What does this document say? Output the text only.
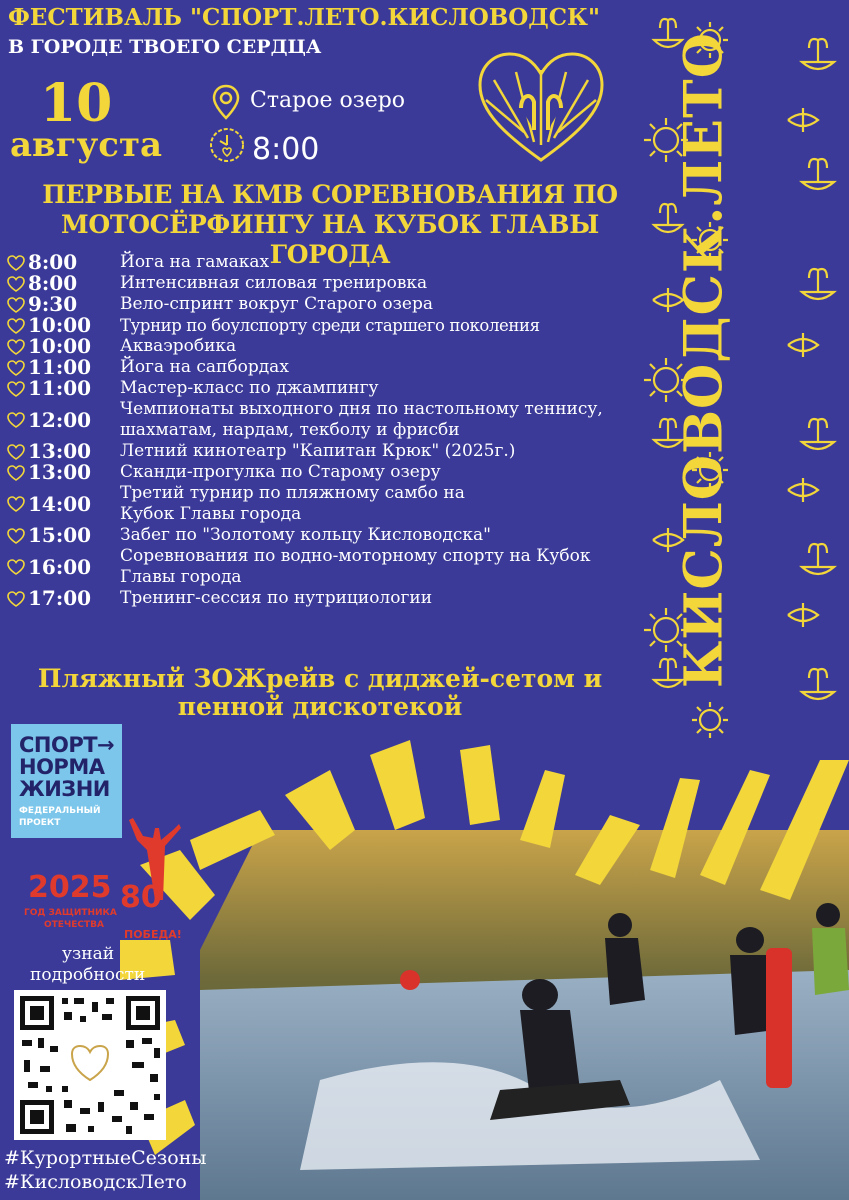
ФЕСТИВАЛЬ "СПОРТ.ЛЕТО.КИСЛОВОДСК"
В ГОРОДЕ ТВОЕГО СЕРДЦА
10
августа
Старое озеро
8:00
ПЕРВЫЕ НА КМВ СОРЕВНОВАНИЯ ПО МОТОСЁРФИНГУ НА КУБОК ГЛАВЫ ГОРОДА
8:00	Йога на гамаках
8:00	Интенсивная силовая тренировка
9:30	Вело-спринт вокруг Старого озера
10:00	Турнир по боулспорту среди старшего поколения
10:00	Акваэробика
11:00	Йога на сапбордах
11:00	Мастер-класс по джампингу
12:00	Чемпионаты выходного дня по настольному теннису, шахматам, нардам, текболу и фрисби
13:00	Летний кинотеатр "Капитан Крюк" (2025г.)
13:00	Сканди-прогулка по Старому озеру
14:00	Третий турнир по пляжному самбо на Кубок Главы города
15:00	Забег по "Золотому кольцу Кисловодска"
16:00	Соревнования по водно-моторному спорту на Кубок Главы города
17:00	Тренинг-сессия по нутрициологии
Пляжный ЗОЖрейв с диджей-сетом и пенной дискотекой
КИСЛОВОДСК.ЛЕТО
СПОРТ→
НОРМА
ЖИЗНИ
ФЕДЕРАЛЬНЫЙ
ПРОЕКТ
2025
ГОД ЗАЩИТНИКА
ОТЕЧЕСТВА
80
ПОБЕДА!
узнай
подробности
#КурортныеСезоны
#КисловодскЛето
